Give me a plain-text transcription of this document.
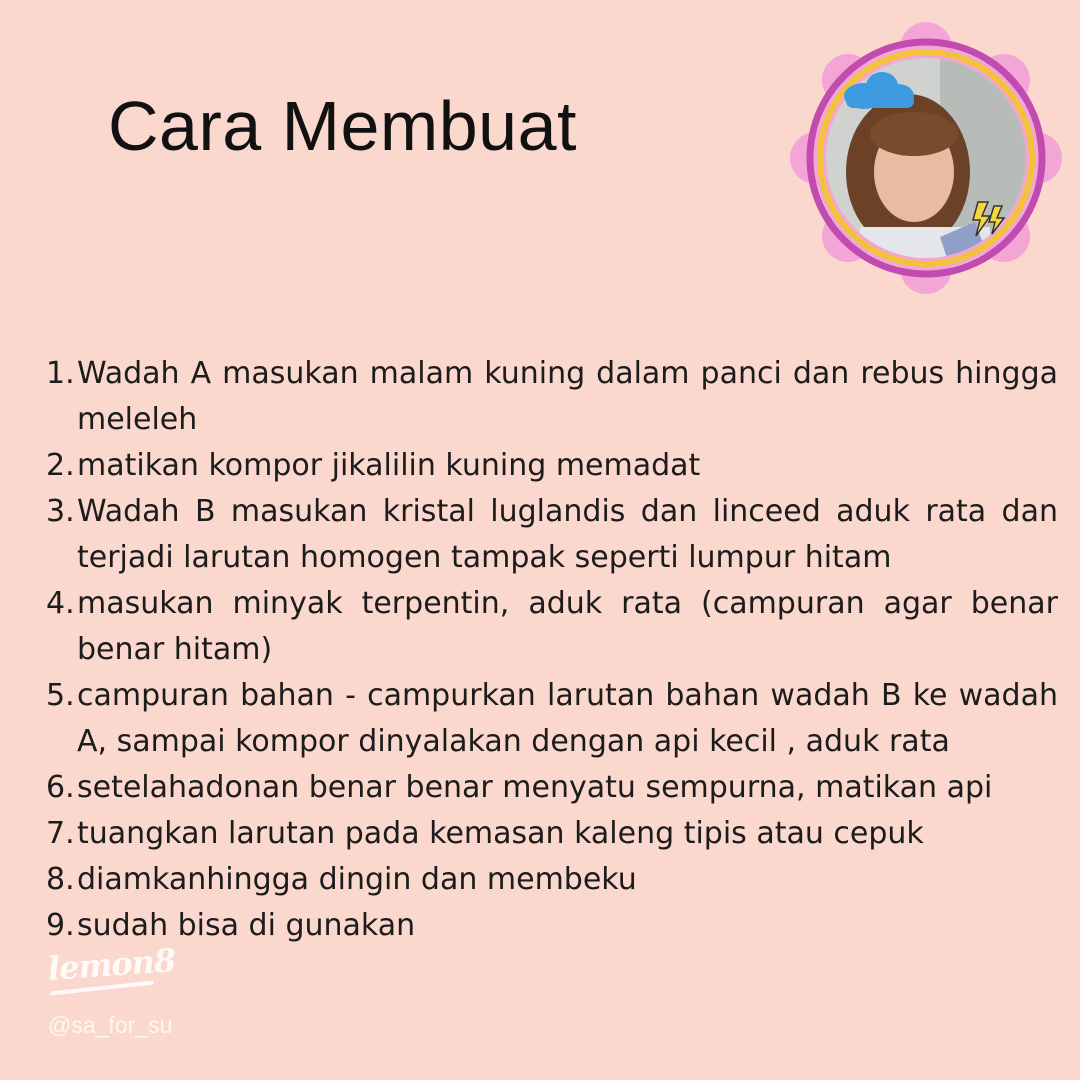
Cara Membuat
1. Wadah A masukan malam kuning dalam panci dan rebus hingga meleleh
2. matikan kompor jikalilin kuning memadat
3. Wadah B masukan kristal luglandis dan linceed aduk rata dan terjadi larutan homogen tampak seperti lumpur hitam
4. masukan minyak terpentin, aduk rata (campuran agar benar benar hitam)
5. campuran bahan - campurkan larutan bahan wadah B ke wadah A, sampai kompor dinyalakan dengan api kecil , aduk rata
6. setelahadonan benar benar menyatu sempurna, matikan api
7. tuangkan larutan pada kemasan kaleng tipis atau cepuk
8. diamkanhingga dingin dan membeku
9. sudah bisa di gunakan
lemon8
@sa_for_su
